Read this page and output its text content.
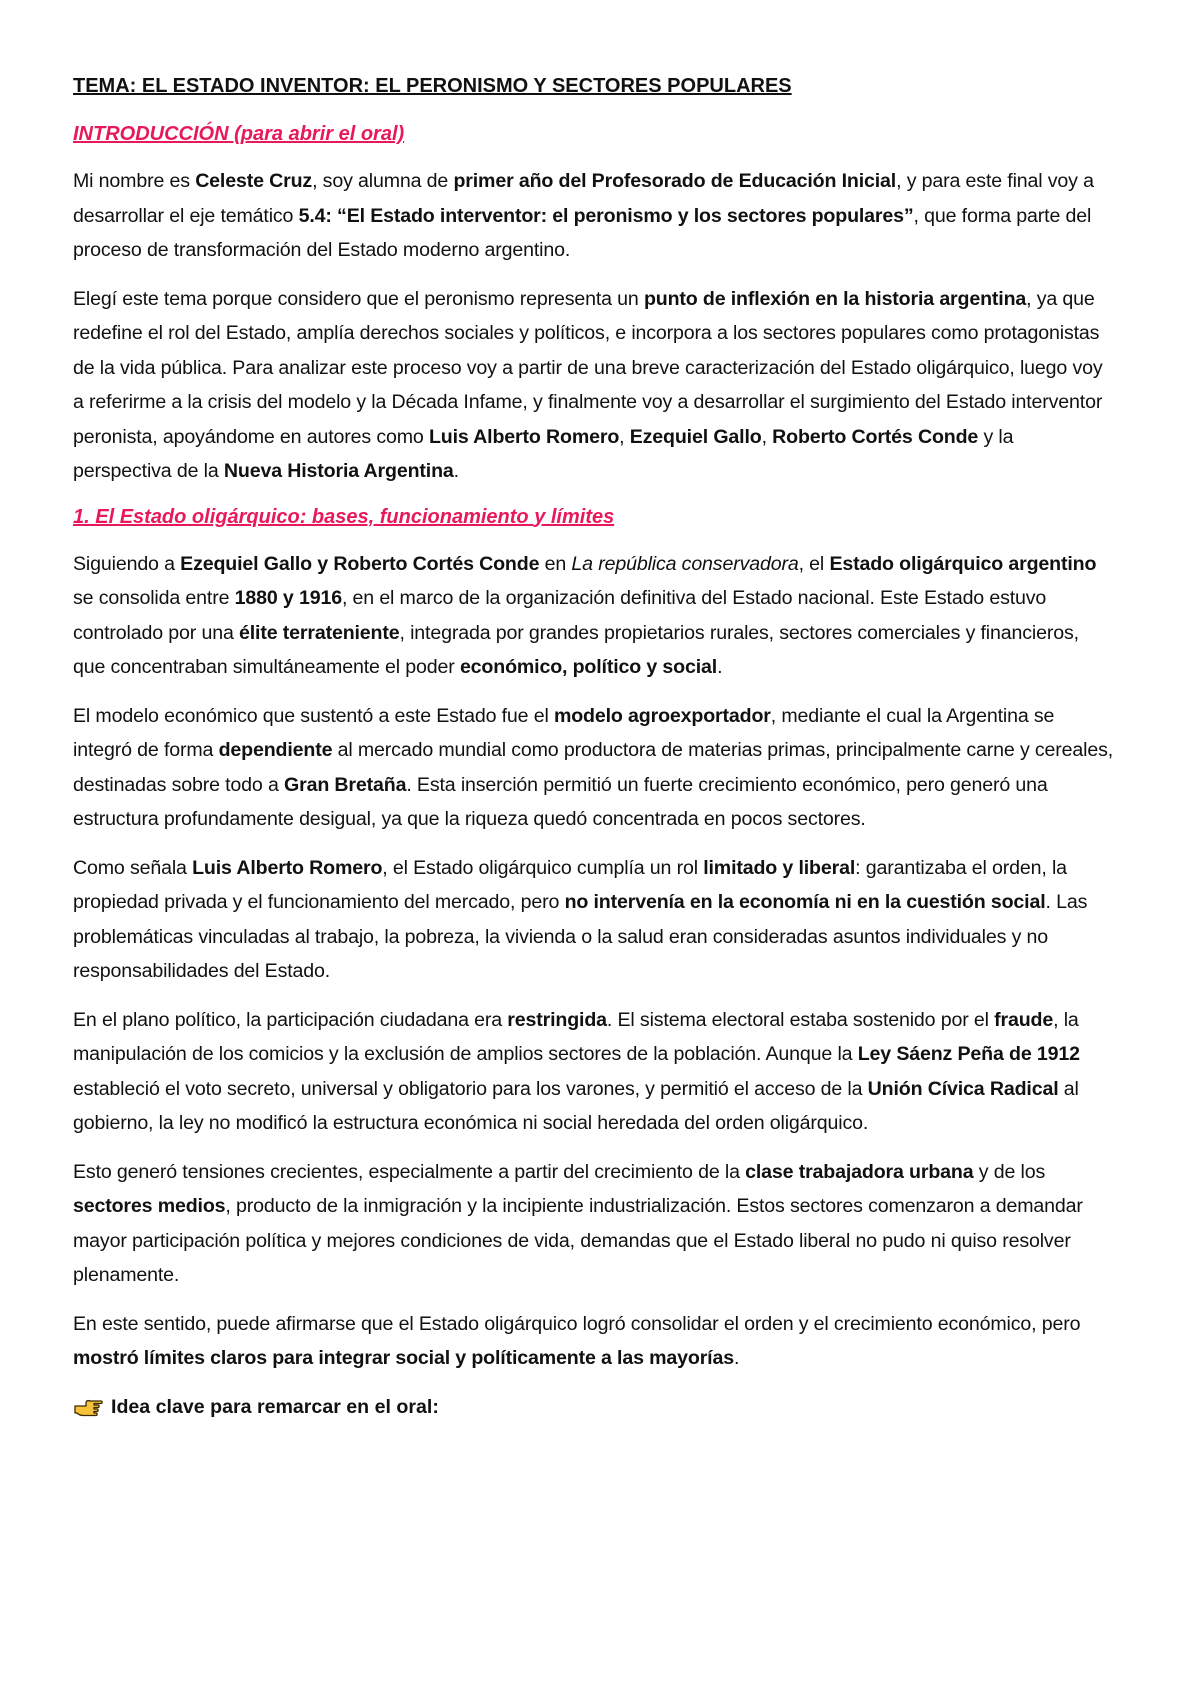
TEMA: EL ESTADO INVENTOR: EL PERONISMO Y SECTORES POPULARES
INTRODUCCIÓN (para abrir el oral)

Mi nombre es Celeste Cruz, soy alumna de primer año del Profesorado de Educación Inicial, y para este final voy a desarrollar el eje temático 5.4: “El Estado interventor: el peronismo y los sectores populares”, que forma parte del proceso de transformación del Estado moderno argentino.

Elegí este tema porque considero que el peronismo representa un punto de inflexión en la historia argentina, ya que redefine el rol del Estado, amplía derechos sociales y políticos, e incorpora a los sectores populares como protagonistas de la vida pública. Para analizar este proceso voy a partir de una breve caracterización del Estado oligárquico, luego voy a referirme a la crisis del modelo y la Década Infame, y finalmente voy a desarrollar el surgimiento del Estado interventor peronista, apoyándome en autores como Luis Alberto Romero, Ezequiel Gallo, Roberto Cortés Conde y la perspectiva de la Nueva Historia Argentina.

1. El Estado oligárquico: bases, funcionamiento y límites

Siguiendo a Ezequiel Gallo y Roberto Cortés Conde en La república conservadora, el Estado oligárquico argentino se consolida entre 1880 y 1916, en el marco de la organización definitiva del Estado nacional. Este Estado estuvo controlado por una élite terrateniente, integrada por grandes propietarios rurales, sectores comerciales y financieros, que concentraban simultáneamente el poder económico, político y social.

El modelo económico que sustentó a este Estado fue el modelo agroexportador, mediante el cual la Argentina se integró de forma dependiente al mercado mundial como productora de materias primas, principalmente carne y cereales, destinadas sobre todo a Gran Bretaña. Esta inserción permitió un fuerte crecimiento económico, pero generó una estructura profundamente desigual, ya que la riqueza quedó concentrada en pocos sectores.

Como señala Luis Alberto Romero, el Estado oligárquico cumplía un rol limitado y liberal: garantizaba el orden, la propiedad privada y el funcionamiento del mercado, pero no intervenía en la economía ni en la cuestión social. Las problemáticas vinculadas al trabajo, la pobreza, la vivienda o la salud eran consideradas asuntos individuales y no responsabilidades del Estado.

En el plano político, la participación ciudadana era restringida. El sistema electoral estaba sostenido por el fraude, la manipulación de los comicios y la exclusión de amplios sectores de la población. Aunque la Ley Sáenz Peña de 1912 estableció el voto secreto, universal y obligatorio para los varones, y permitió el acceso de la Unión Cívica Radical al gobierno, la ley no modificó la estructura económica ni social heredada del orden oligárquico.

Esto generó tensiones crecientes, especialmente a partir del crecimiento de la clase trabajadora urbana y de los sectores medios, producto de la inmigración y la incipiente industrialización. Estos sectores comenzaron a demandar mayor participación política y mejores condiciones de vida, demandas que el Estado liberal no pudo ni quiso resolver plenamente.

En este sentido, puede afirmarse que el Estado oligárquico logró consolidar el orden y el crecimiento económico, pero mostró límites claros para integrar social y políticamente a las mayorías.

Idea clave para remarcar en el oral:
